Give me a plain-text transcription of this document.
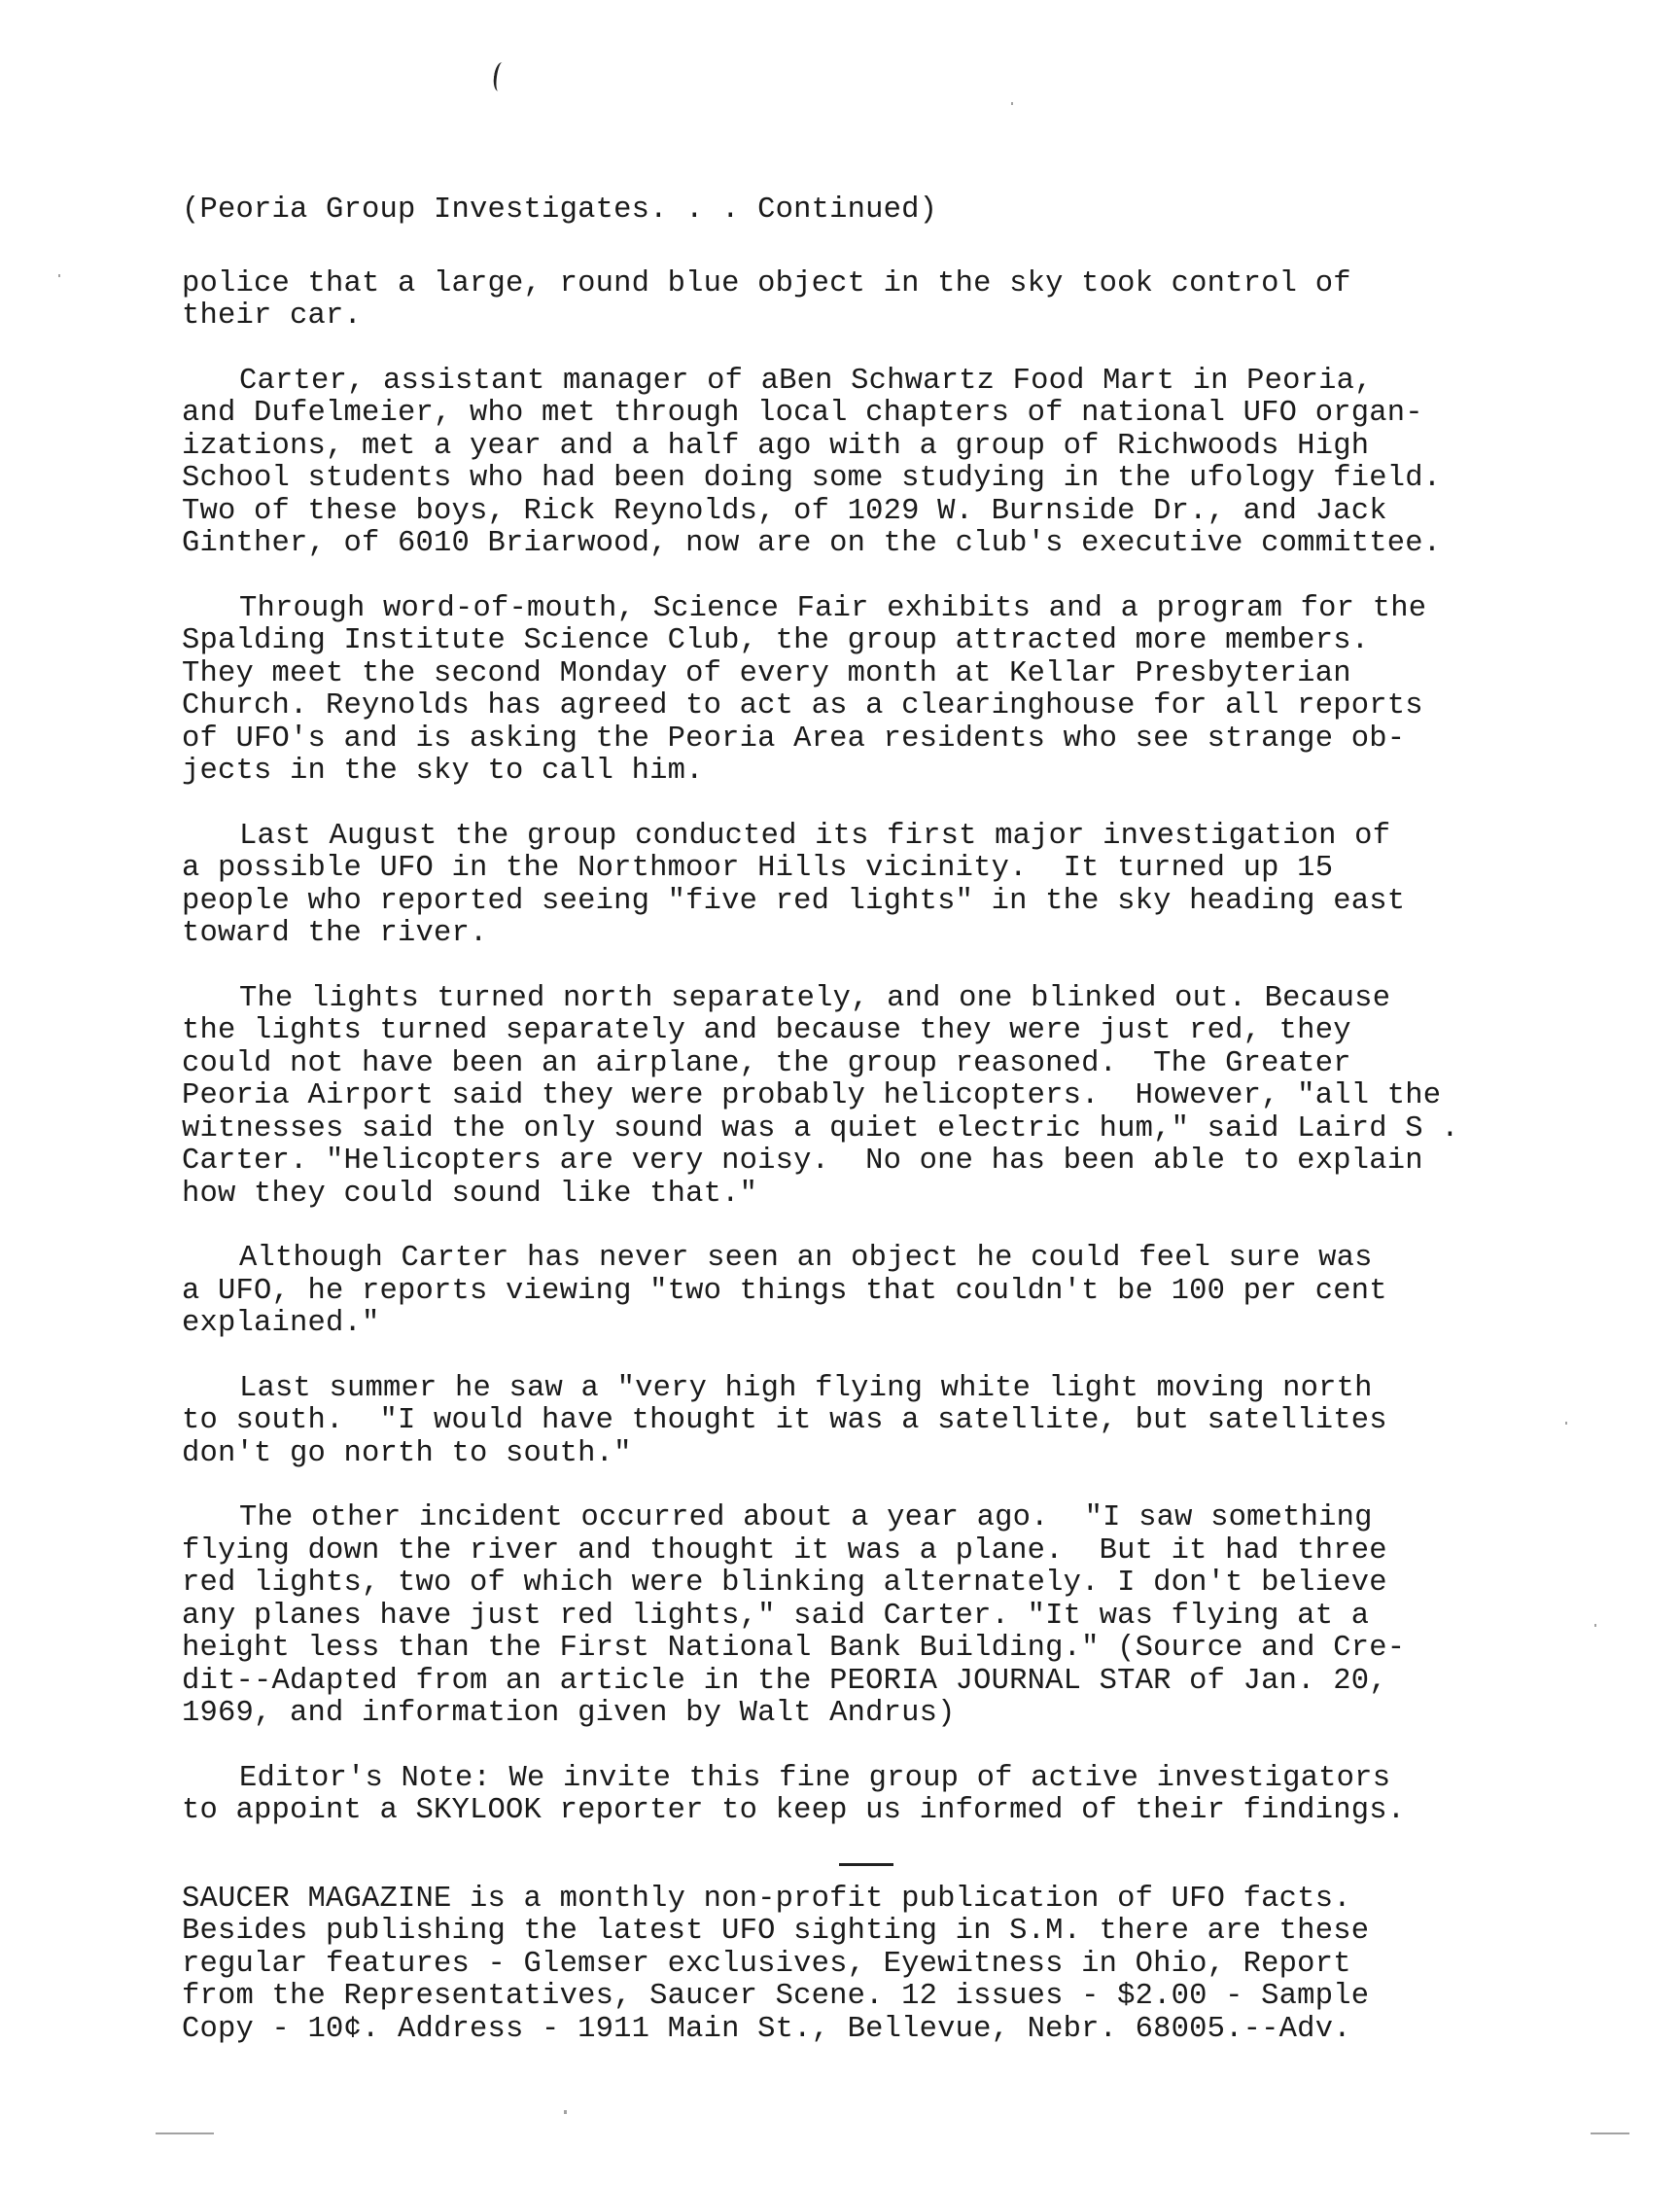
(Peoria Group Investigates. . . Continued)
police that a large, round blue object in the sky took control of
their car.
Carter, assistant manager of aBen Schwartz Food Mart in Peoria,
and Dufelmeier, who met through local chapters of national UFO organ-
izations, met a year and a half ago with a group of Richwoods High
School students who had been doing some studying in the ufology field.
Two of these boys, Rick Reynolds, of 1029 W. Burnside Dr., and Jack
Ginther, of 6010 Briarwood, now are on the club's executive committee.
Through word-of-mouth, Science Fair exhibits and a program for the
Spalding Institute Science Club, the group attracted more members.
They meet the second Monday of every month at Kellar Presbyterian
Church. Reynolds has agreed to act as a clearinghouse for all reports
of UFO's and is asking the Peoria Area residents who see strange ob-
jects in the sky to call him.
Last August the group conducted its first major investigation of
a possible UFO in the Northmoor Hills vicinity.  It turned up 15
people who reported seeing "five red lights" in the sky heading east
toward the river.
The lights turned north separately, and one blinked out. Because
the lights turned separately and because they were just red, they
could not have been an airplane, the group reasoned.  The Greater
Peoria Airport said they were probably helicopters.  However, "all the
witnesses said the only sound was a quiet electric hum," said Laird S .
Carter. "Helicopters are very noisy.  No one has been able to explain
how they could sound like that."
Although Carter has never seen an object he could feel sure was
a UFO, he reports viewing "two things that couldn't be 100 per cent
explained."
Last summer he saw a "very high flying white light moving north
to south.  "I would have thought it was a satellite, but satellites
don't go north to south."
The other incident occurred about a year ago.  "I saw something
flying down the river and thought it was a plane.  But it had three
red lights, two of which were blinking alternately. I don't believe
any planes have just red lights," said Carter. "It was flying at a
height less than the First National Bank Building." (Source and Cre-
dit--Adapted from an article in the PEORIA JOURNAL STAR of Jan. 20,
1969, and information given by Walt Andrus)
Editor's Note: We invite this fine group of active investigators
to appoint a SKYLOOK reporter to keep us informed of their findings.
SAUCER MAGAZINE is a monthly non-profit publication of UFO facts.
Besides publishing the latest UFO sighting in S.M. there are these
regular features - Glemser exclusives, Eyewitness in Ohio, Report
from the Representatives, Saucer Scene. 12 issues - $2.00 - Sample
Copy - 10¢. Address - 1911 Main St., Bellevue, Nebr. 68005.--Adv.
